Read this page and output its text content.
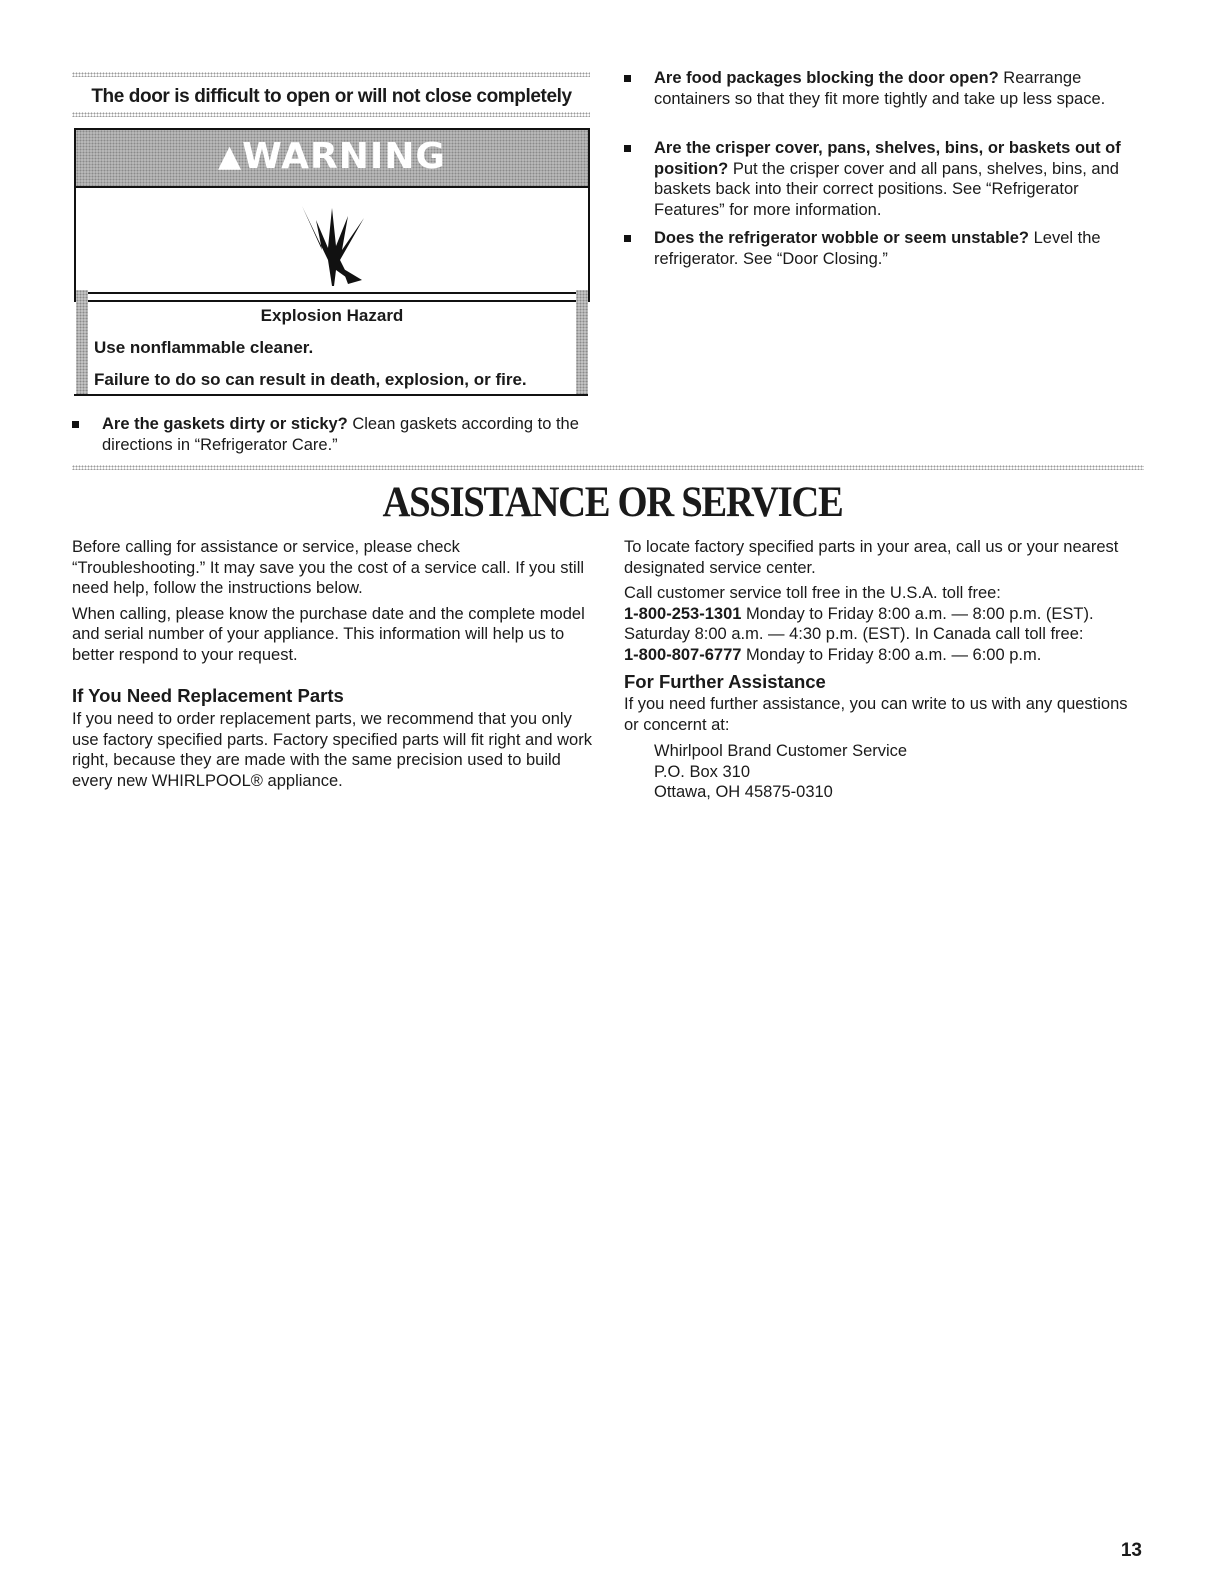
The door is difficult to open or will not close completely
▲WARNING
Explosion Hazard
Use nonflammable cleaner.
Failure to do so can result in death, explosion, or fire.
Are the gaskets dirty or sticky? Clean gaskets according to the directions in “Refrigerator Care.”
Are food packages blocking the door open? Rearrange containers so that they fit more tightly and take up less space.
Are the crisper cover, pans, shelves, bins, or baskets out of position? Put the crisper cover and all pans, shelves, bins, and baskets back into their correct positions. See “Refrigerator Features” for more information.
Does the refrigerator wobble or seem unstable? Level the refrigerator. See “Door Closing.”
ASSISTANCE OR SERVICE

Before calling for assistance or service, please check “Troubleshooting.” It may save you the cost of a service call. If you still need help, follow the instructions below.

When calling, please know the purchase date and the complete model and serial number of your appliance. This information will help us to better respond to your request.

If You Need Replacement Parts

If you need to order replacement parts, we recommend that you only use factory specified parts. Factory specified parts will fit right and work right, because they are made with the same precision used to build every new WHIRLPOOL® appliance.

To locate factory specified parts in your area, call us or your nearest designated service center.

Call customer service toll free in the U.S.A. toll free:

1-800-253-1301 Monday to Friday 8:00 a.m. — 8:00 p.m. (EST). Saturday 8:00 a.m. — 4:30 p.m. (EST). In Canada call toll free:
1-800-807-6777 Monday to Friday 8:00 a.m. — 6:00 p.m.

For Further Assistance

If you need further assistance, you can write to us with any questions or concernt at:

Whirlpool Brand Customer Service
P.O. Box 310
Ottawa, OH 45875-0310
13
